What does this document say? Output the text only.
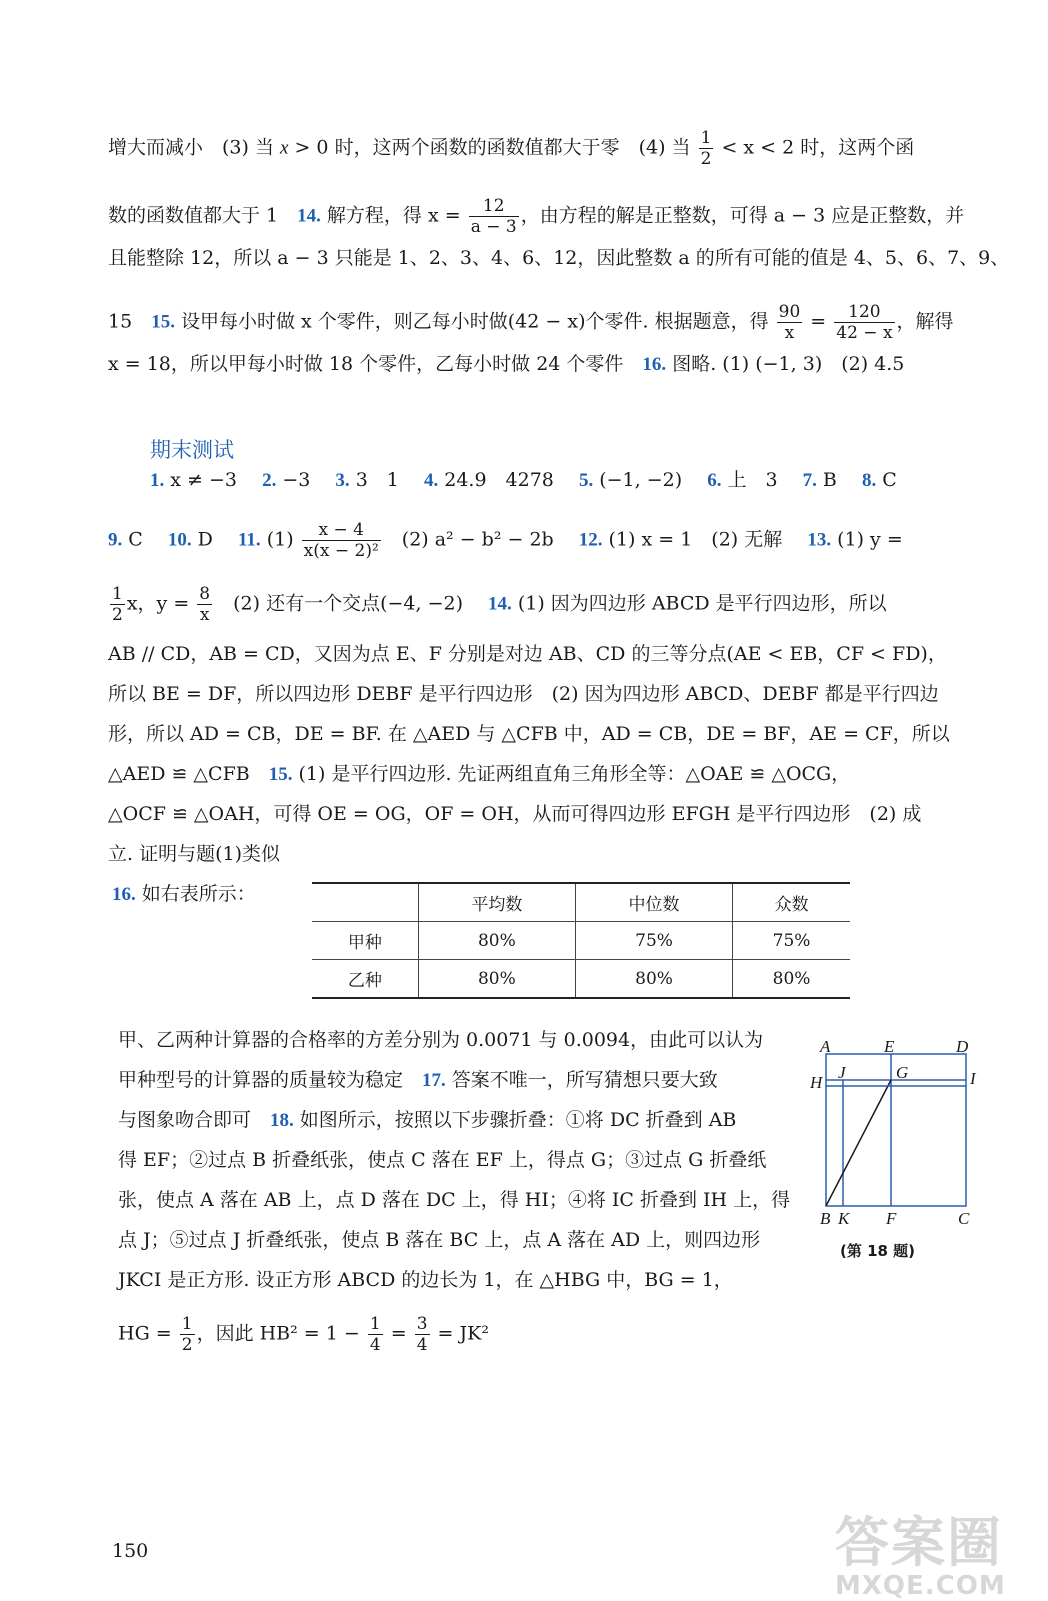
增大而减小　(3) 当 x > 0 时，这两个函数的函数值都大于零　(4) 当 $\frac{1}{2} < x < 2$ 时，这两个函
数的函数值都大于 1　14. 解方程，得 $x = \frac{12}{a - 3}$ ，由方程的解是正整数，可得 a − 3 应是正整数，并
且能整除 12，所以 a − 3 只能是 1、2、3、4、6、12，因此整数 a 的所有可能的值是 4、5、6、7、9、
15　15. 设甲每小时做 x 个零件，则乙每小时做(42 − x)个零件. 根据题意，得 $\frac{90}{x} = \frac{120}{42 - x}$ ，解得
x = 18，所以甲每小时做 18 个零件，乙每小时做 24 个零件　16. 图略. (1) (−1, 3)　(2) 4.5
期末测试
1. x ≠ −3　 2. −3　 3. 3　1　 4. 24.9　4278　 5. (−1, −2)　 6. 上　3　 7. B　 8. C
9. C　 10. D　 11. $(1) \frac{x - 4}{\text{x(x − 2)²}}$ 　(2) a² − b² − 2b　 12. (1) x = 1　(2) 无解　 13. (1) y =
$\frac{1}{2}$ x，$y = \frac{8}{x}$ 　(2) 还有一个交点(−4, −2)　 14. (1) 因为四边形 ABCD 是平行四边形，所以
AB // CD，AB = CD，又因为点 E、F 分别是对边 AB、CD 的三等分点(AE < EB，CF < FD)，
所以 BE = DF，所以四边形 DEBF 是平行四边形　(2) 因为四边形 ABCD、DEBF 都是平行四边
形，所以 AD = CB，DE = BF. 在 △AED 与 △CFB 中，AD = CB，DE = BF，AE = CF，所以
△AED ≌ △CFB　15. (1) 是平行四边形. 先证两组直角三角形全等：△OAE ≌ △OCG，
△OCF ≌ △OAH，可得 OE = OG，OF = OH，从而可得四边形 EFGH 是平行四边形　(2) 成
立. 证明与题(1)类似
16. 如右表所示：
		平均数	中位数	众数
甲种	80%	75%	75%
乙种	80%	80%	80%
甲、乙两种计算器的合格率的方差分别为 0.0071 与 0.0094，由此可以认为
甲种型号的计算器的质量较为稳定　17. 答案不唯一，所写猜想只要大致
与图象吻合即可　18. 如图所示，按照以下步骤折叠：①将 DC 折叠到 AB
得 EF；②过点 B 折叠纸张，使点 C 落在 EF 上，得点 G；③过点 G 折叠纸
张，使点 A 落在 AB 上，点 D 落在 DC 上，得 HI；④将 IC 折叠到 IH 上，得
点 J；⑤过点 J 折叠纸张，使点 B 落在 BC 上，点 A 落在 AD 上，则四边形
JKCI 是正方形. 设正方形 ABCD 的边长为 1，在 △HBG 中，BG = 1，
HG = $\frac{1}{2}$ ，因此 $HB^2 = 1 - \frac{1}{4} = \frac{3}{4} = JK^2$
A	E	D
H
J	G	I
B K F	C
(第 18 题)
150	答案圈
MXQE.COM
